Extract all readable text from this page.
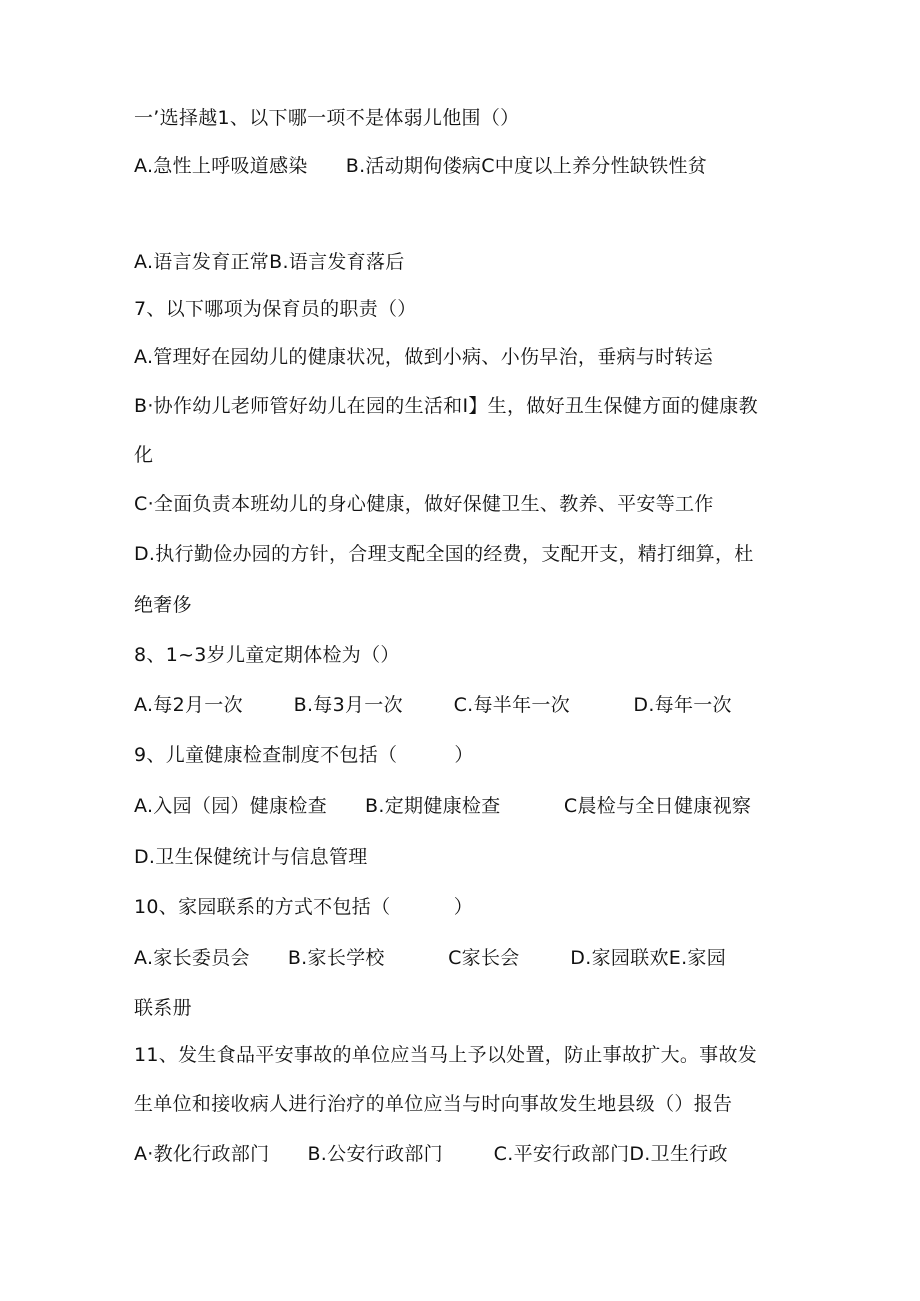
一’选择越1、以下哪一项不是体弱儿他围（）
A.急性上呼吸道感染      B.活动期佝偻病C中度以上养分性缺铁性贫
A.语言发育正常B.语言发育落后
7、以下哪项为保育员的职责（）
A.管理好在园幼儿的健康状况，做到小病、小伤早治，垂病与时转运
B·协作幼儿老师管好幼儿在园的生活和I】生，做好丑生保健方面的健康教
化
C·全面负责本班幼儿的身心健康，做好保健卫生、教养、平安等工作
D.执行勤俭办园的方针，合理支配全国的经费，支配开支，精打细算，杜
绝奢侈
8、1~3岁儿童定期体检为（）
A.每2月一次        B.每3月一次        C.每半年一次          D.每年一次
9、儿童健康检查制度不包括（         ）
A.入园（园）健康检查      B.定期健康检查          C晨检与全日健康视察
D.卫生保健统计与信息管理
10、家园联系的方式不包括（          ）
A.家长委员会      B.家长学校          C家长会        D.家园联欢E.家园
联系册
11、发生食品平安事故的单位应当马上予以处置，防止事故扩大。事故发
生单位和接收病人进行治疗的单位应当与时向事故发生地县级（）报告
A·教化行政部门      B.公安行政部门        C.平安行政部门D.卫生行政
